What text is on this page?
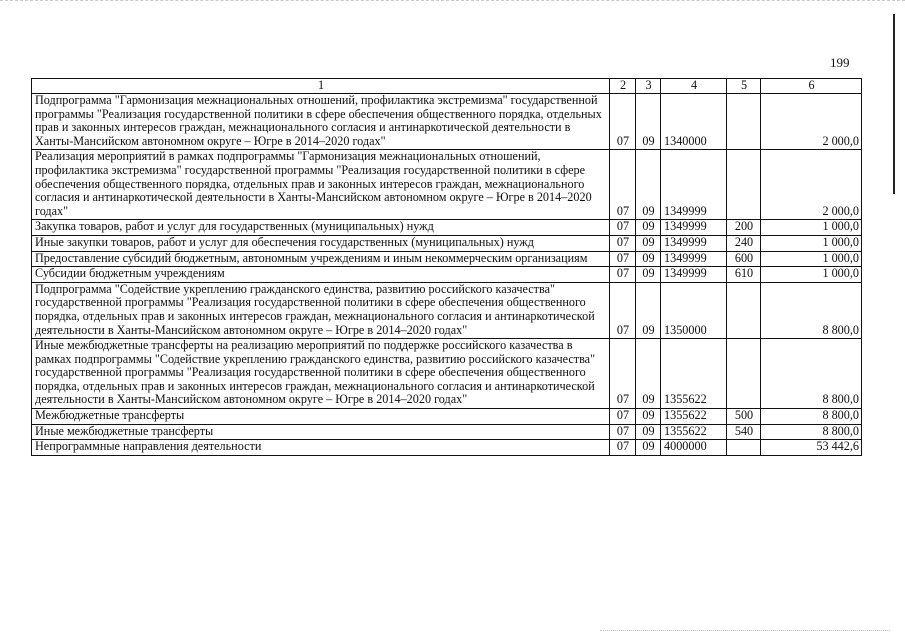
199
1	2	3	4	5	6
Подпрограмма "Гармонизация межнациональных отношений, профилактика экстремизма" государственной программы "Реализация государственной политики в сфере обеспечения общественного порядка, отдельных прав и законных интересов граждан, межнационального согласия и антинаркотической деятельности в Ханты-Мансийском автономном округе – Югре в 2014–2020 годах"	07	09	1340000		2 000,0
Реализация мероприятий в рамках подпрограммы "Гармонизация межнациональных отношений, профилактика экстремизма" государственной программы "Реализация государственной политики в сфере обеспечения общественного порядка, отдельных прав и законных интересов граждан, межнационального согласия и антинаркотической деятельности в Ханты-Мансийском автономном округе – Югре в 2014–2020 годах"	07	09	1349999		2 000,0
Закупка товаров, работ и услуг для государственных (муниципальных) нужд	07	09	1349999	200	1 000,0
Иные закупки товаров, работ и услуг для обеспечения государственных (муниципальных) нужд	07	09	1349999	240	1 000,0
Предоставление субсидий бюджетным, автономным учреждениям и иным некоммерческим организациям	07	09	1349999	600	1 000,0
Субсидии бюджетным учреждениям	07	09	1349999	610	1 000,0
Подпрограмма "Содействие укреплению гражданского единства, развитию российского казачества" государственной программы "Реализация государственной политики в сфере обеспечения общественного порядка, отдельных прав и законных интересов граждан, межнационального согласия и антинаркотической деятельности в Ханты-Мансийском автономном округе – Югре в 2014–2020 годах"	07	09	1350000		8 800,0
Иные межбюджетные трансферты на реализацию мероприятий по поддержке российского казачества в рамках подпрограммы "Содействие укреплению гражданского единства, развитию российского казачества" государственной программы "Реализация государственной политики в сфере обеспечения общественного порядка, отдельных прав и законных интересов граждан, межнационального согласия и антинаркотической деятельности в Ханты-Мансийском автономном округе – Югре в 2014–2020 годах"	07	09	1355622		8 800,0
Межбюджетные трансферты	07	09	1355622	500	8 800,0
Иные межбюджетные трансферты	07	09	1355622	540	8 800,0
Непрограммные направления деятельности	07	09	4000000		53 442,6
